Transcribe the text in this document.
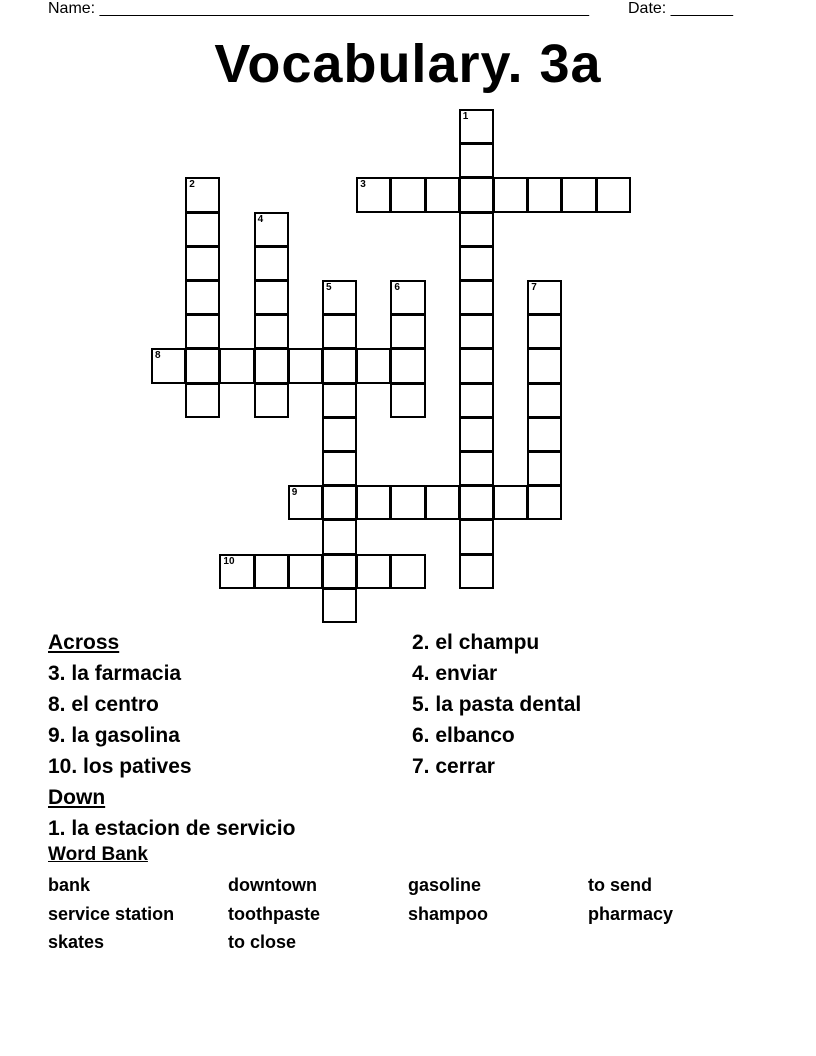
Name: _______________________________________________________ Date: _______
Vocabulary. 3a
1
2	3
4
5	6	7
8
9
10
Across
3. la farmacia
8. el centro
9. la gasolina
10. los patives
Down
1. la estacion de servicio
2. el champu
4. enviar
5. la pasta dental
6. elbanco
7. cerrar
Word Bank
bank	downtown	gasoline	to send
service station	toothpaste	shampoo	pharmacy
skates	to close
